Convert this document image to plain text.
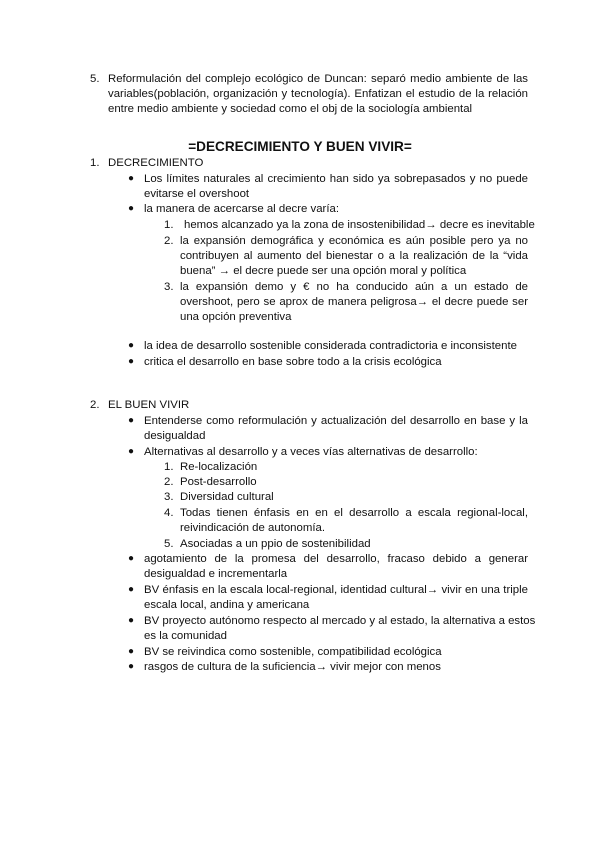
5. Reformulación del complejo ecológico de Duncan: separó medio ambiente de las
variables(población, organización y tecnología). Enfatizan el estudio de la relación
entre medio ambiente y sociedad como el obj de la sociología ambiental
=DECRECIMIENTO Y BUEN VIVIR=
1. DECRECIMIENTO
● Los límites naturales al crecimiento han sido ya sobrepasados y no puede
evitarse el overshoot
● la manera de acercarse al decre varía:
1. hemos alcanzado ya la zona de insostenibilidad→ decre es inevitable
2. la expansión demográfica y económica es aún posible pero ya no
contribuyen al aumento del bienestar o a la realización de la “vida
buena” → el decre puede ser una opción moral y política
3. la expansión demo y € no ha conducido aún a un estado de
overshoot, pero se aprox de manera peligrosa→ el decre puede ser
una opción preventiva
● la idea de desarrollo sostenible considerada contradictoria e inconsistente
● critica el desarrollo en base sobre todo a la crisis ecológica
2. EL BUEN VIVIR
● Entenderse como reformulación y actualización del desarrollo en base y la
desigualdad
● Alternativas al desarrollo y a veces vías alternativas de desarrollo:
1. Re-localización
2. Post-desarrollo
3. Diversidad cultural
4. Todas tienen énfasis en en el desarrollo a escala regional-local,
reivindicación de autonomía.
5. Asociadas a un ppio de sostenibilidad
● agotamiento de la promesa del desarrollo, fracaso debido a generar
desigualdad e incrementarla
● BV énfasis en la escala local-regional, identidad cultural→ vivir en una triple
escala local, andina y americana
● BV proyecto autónomo respecto al mercado y al estado, la alternativa a estos
es la comunidad
● BV se reivindica como sostenible, compatibilidad ecológica
● rasgos de cultura de la suficiencia→ vivir mejor con menos
